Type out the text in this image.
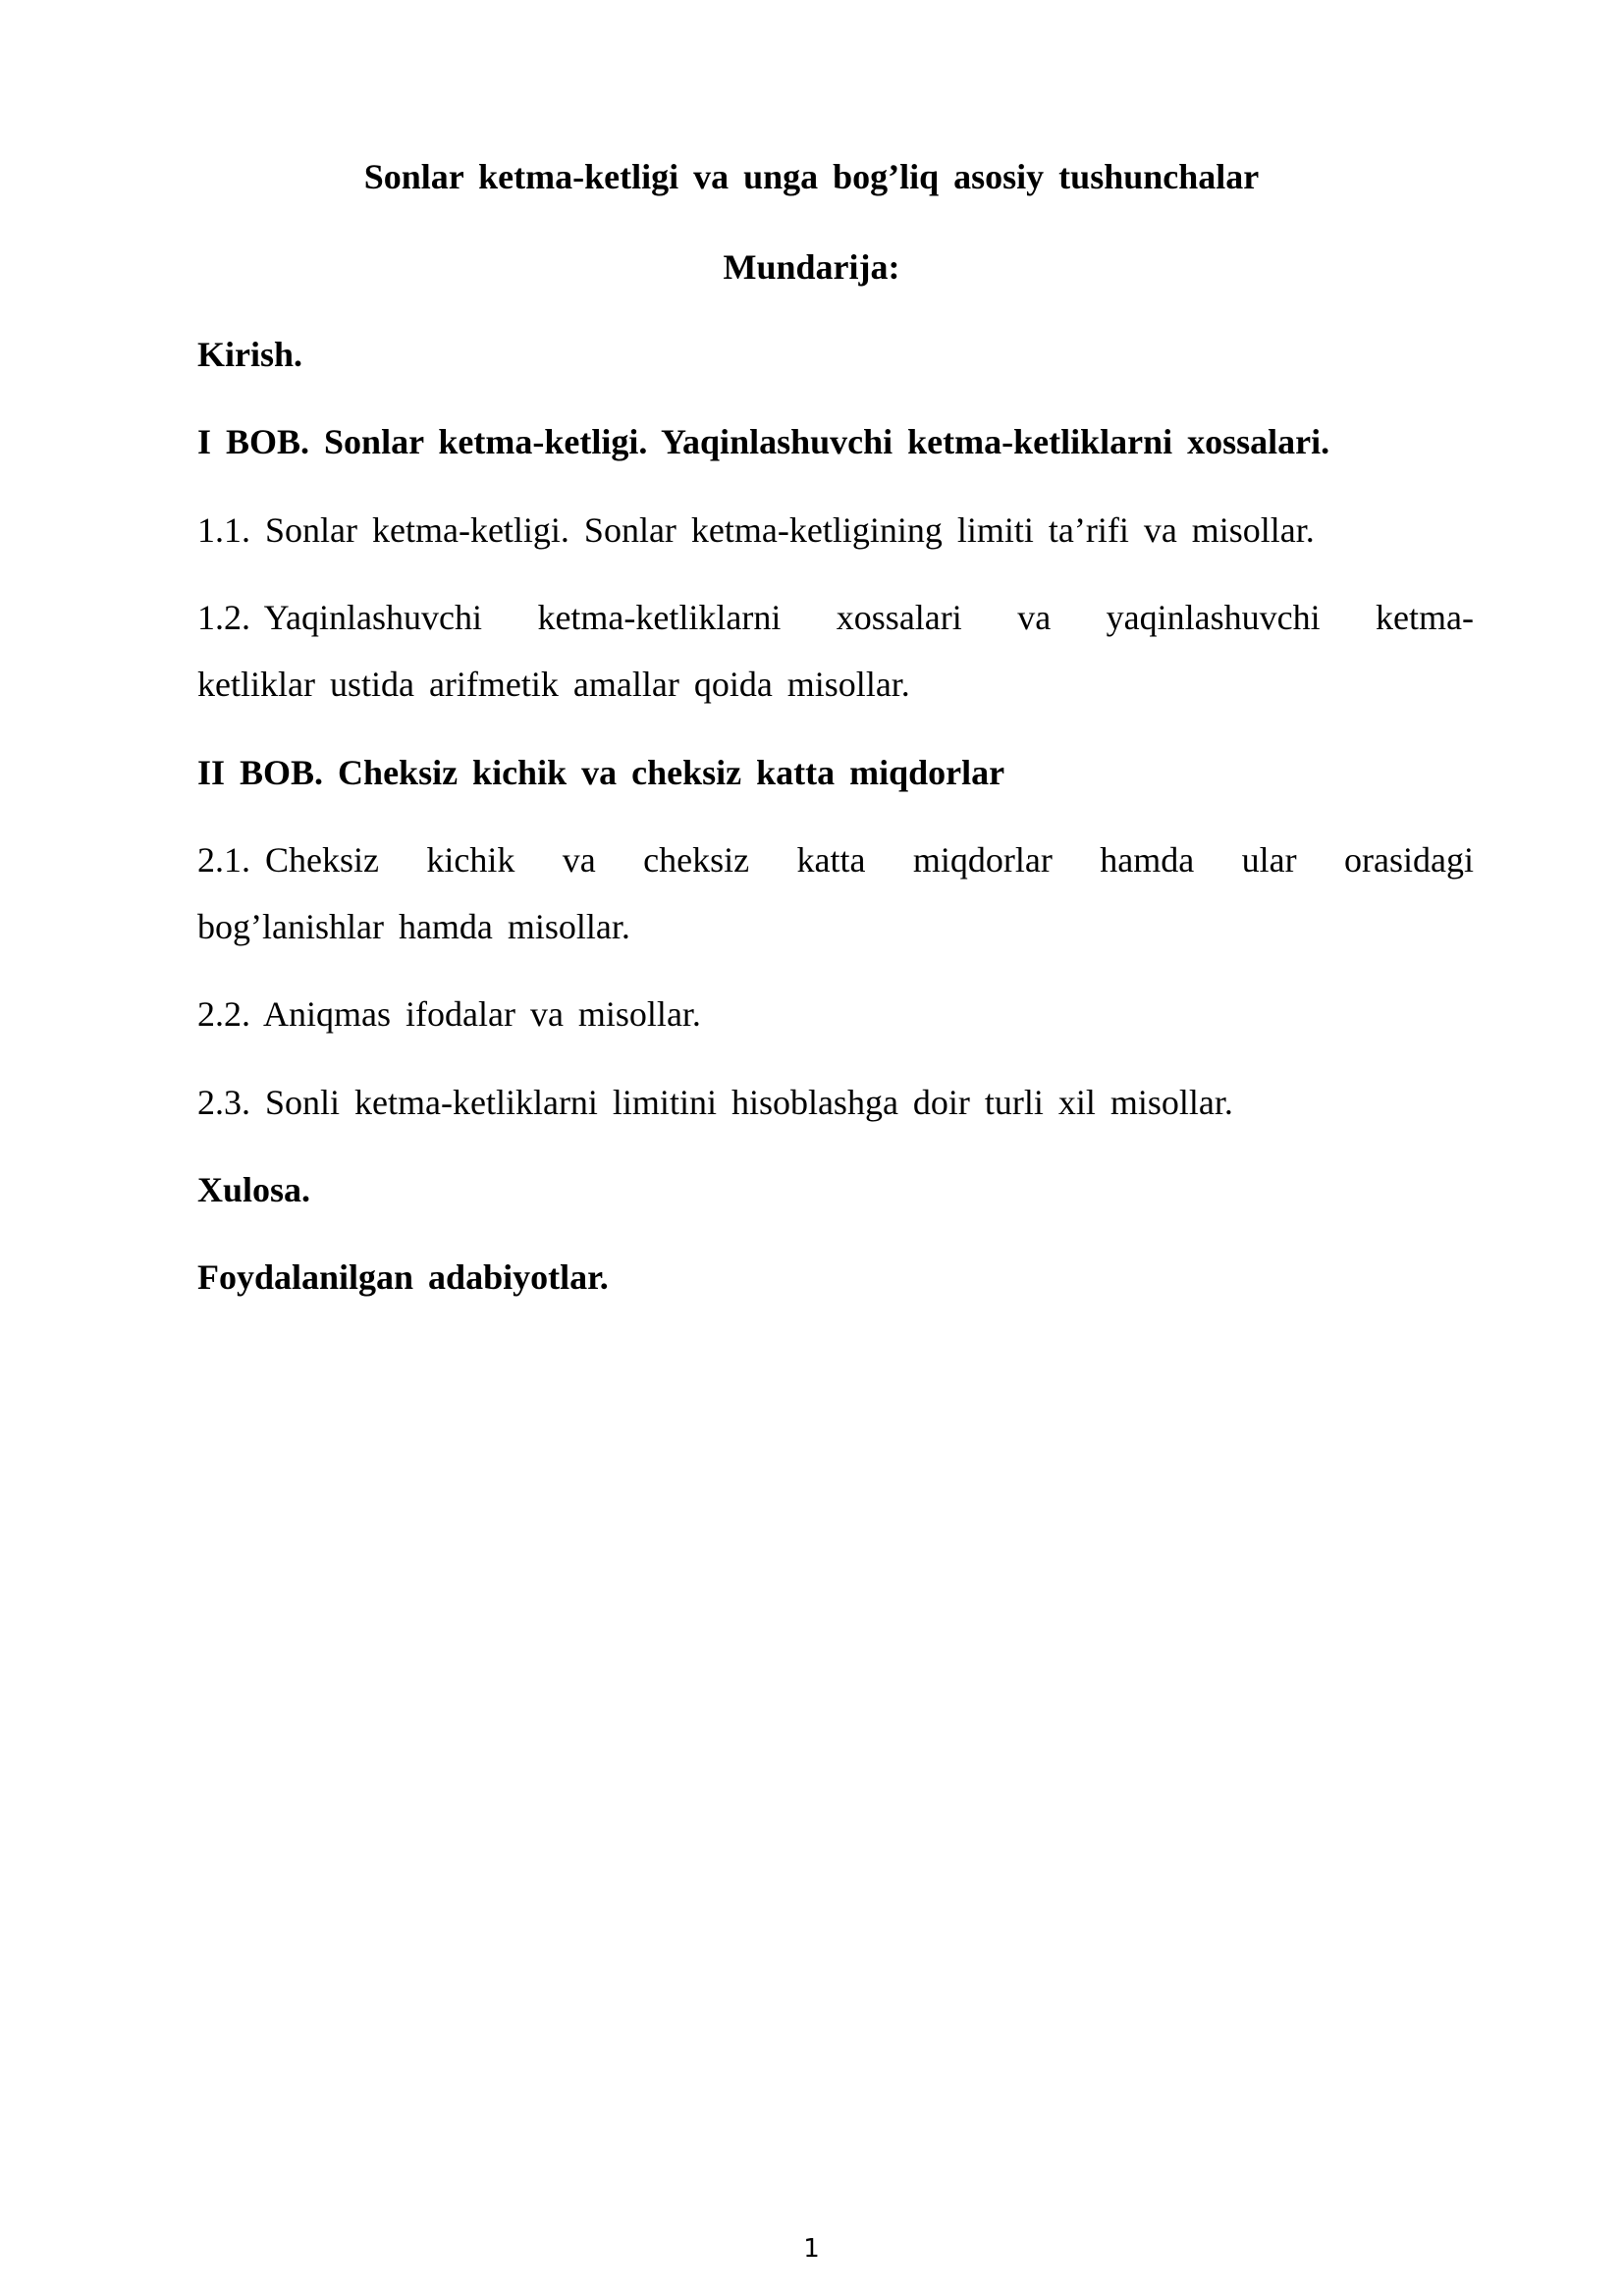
Sonlar ketma-ketligi va unga bog’liq asosiy tushunchalar
Mundarija:
Kirish.
I BOB. Sonlar ketma-ketligi. Yaqinlashuvchi ketma-ketliklarni xossalari.
1.1. Sonlar ketma-ketligi. Sonlar ketma-ketligining limiti ta’rifi va misollar.
1.2. Yaqinlashuvchi ketma-ketliklarni xossalari va yaqinlashuvchi ketma-
ketliklar ustida arifmetik amallar qoida misollar.
II BOB. Cheksiz kichik va cheksiz katta miqdorlar
2.1. Cheksiz kichik va cheksiz katta miqdorlar hamda ular orasidagi
bog’lanishlar hamda misollar.
2.2. Aniqmas ifodalar va misollar.
2.3. Sonli ketma-ketliklarni limitini hisoblashga doir turli xil misollar.
Xulosa.
Foydalanilgan adabiyotlar.
1
